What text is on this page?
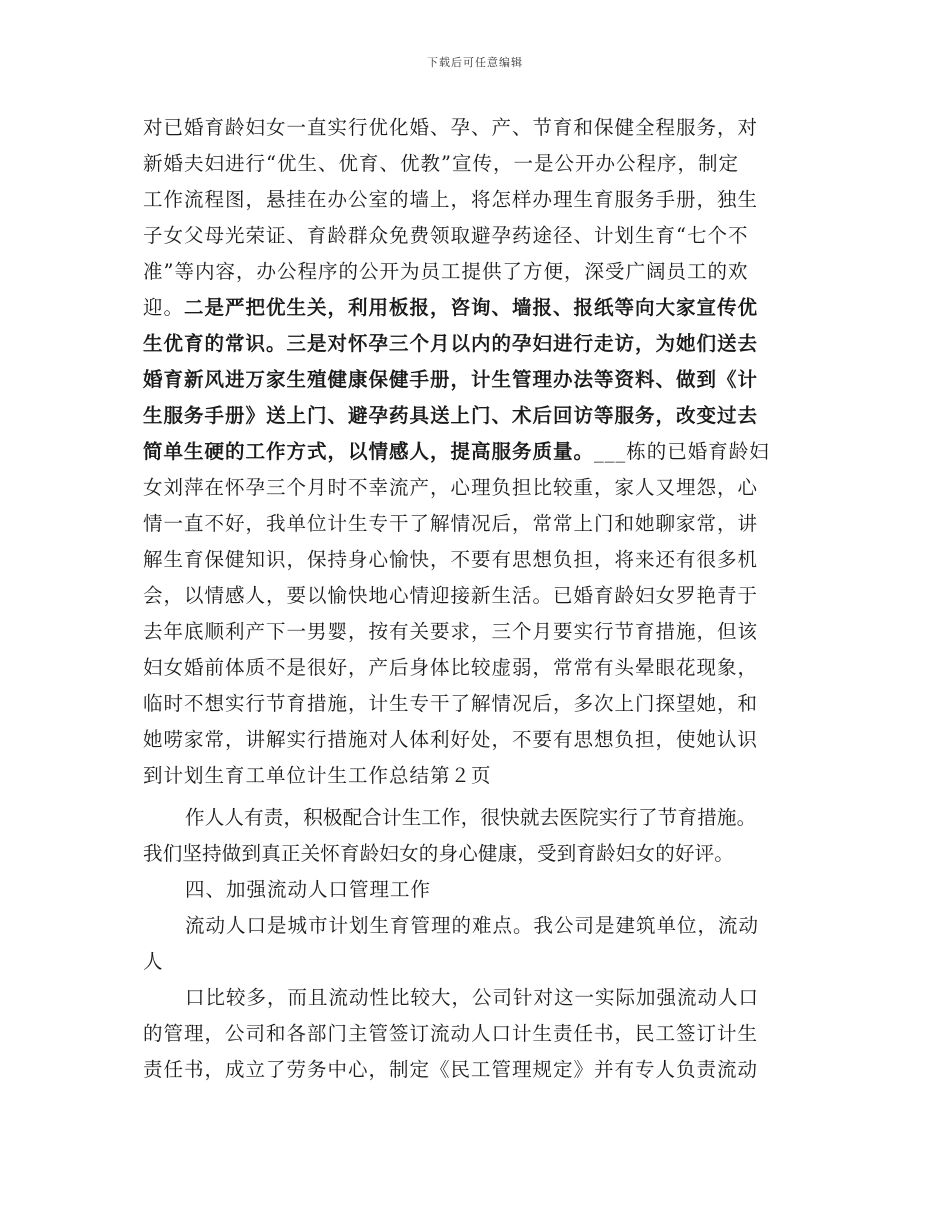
下载后可任意编辑
对已婚育龄妇女一直实行优化婚、孕、产、节育和保健全程服务，对
新婚夫妇进行“优生、优育、优教”宣传，一是公开办公程序，制定
工作流程图，悬挂在办公室的墙上，将怎样办理生育服务手册，独生
子女父母光荣证、育龄群众免费领取避孕药途径、计划生育“七个不
准”等内容，办公程序的公开为员工提供了方便，深受广阔员工的欢
迎。二是严把优生关，利用板报，咨询、墙报、报纸等向大家宣传优
生优育的常识。三是对怀孕三个月以内的孕妇进行走访，为她们送去
婚育新风进万家生殖健康保健手册，计生管理办法等资料、做到《计
生服务手册》送上门、避孕药具送上门、术后回访等服务，改变过去
简单生硬的工作方式，以情感人，提高服务质量。___栋的已婚育龄妇
女刘萍在怀孕三个月时不幸流产，心理负担比较重，家人又埋怨，心
情一直不好，我单位计生专干了解情况后，常常上门和她聊家常，讲
解生育保健知识，保持身心愉快，不要有思想负担，将来还有很多机
会，以情感人，要以愉快地心情迎接新生活。已婚育龄妇女罗艳青于
去年底顺利产下一男婴，按有关要求，三个月要实行节育措施，但该
妇女婚前体质不是很好，产后身体比较虚弱，常常有头晕眼花现象，
临时不想实行节育措施，计生专干了解情况后，多次上门探望她，和
她唠家常，讲解实行措施对人体利好处，不要有思想负担，使她认识
到计划生育工单位计生工作总结第２页
作人人有责，积极配合计生工作，很快就去医院实行了节育措施。
我们坚持做到真正关怀育龄妇女的身心健康，受到育龄妇女的好评。
四、加强流动人口管理工作
流动人口是城市计划生育管理的难点。我公司是建筑单位，流动
人
口比较多，而且流动性比较大，公司针对这一实际加强流动人口
的管理，公司和各部门主管签订流动人口计生责任书，民工签订计生
责任书，成立了劳务中心，制定《民工管理规定》并有专人负责流动
